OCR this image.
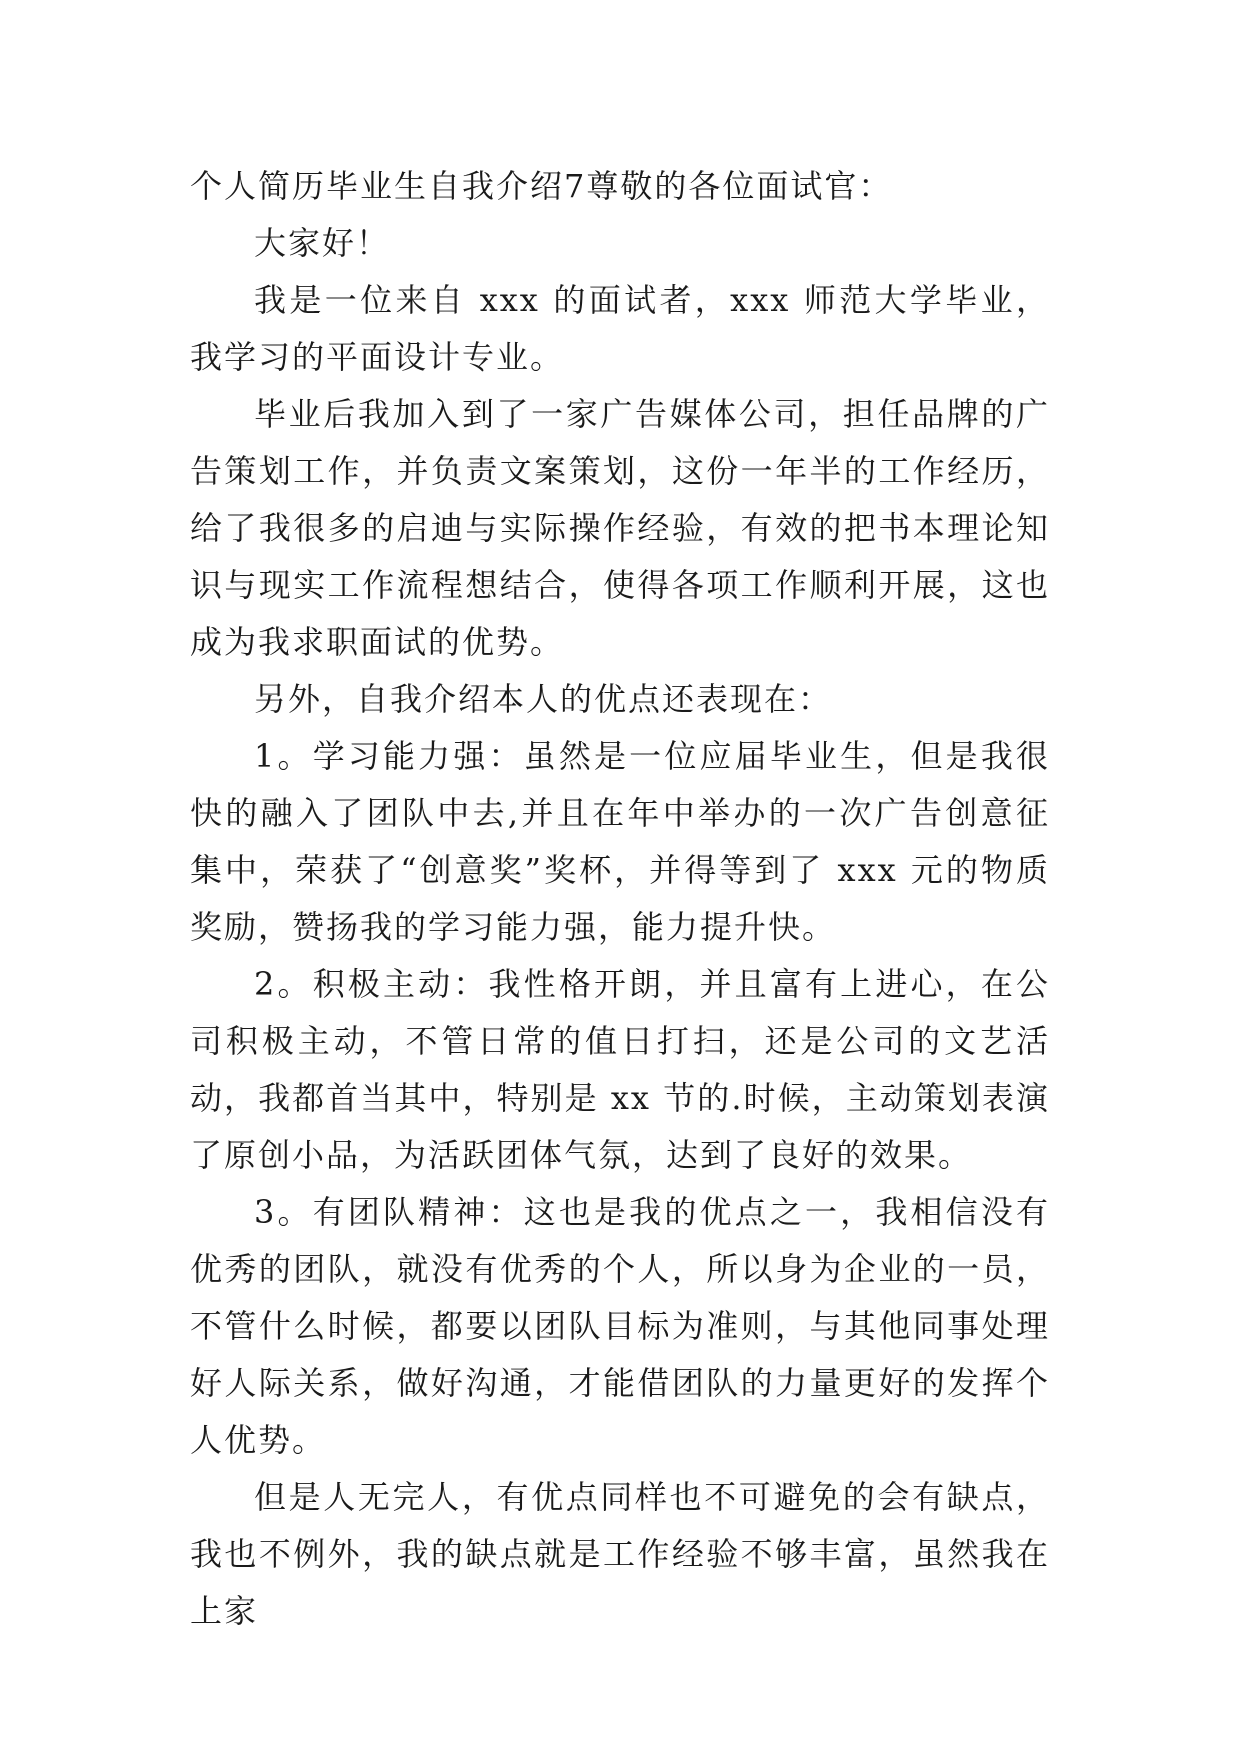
个人简历毕业生自我介绍7尊敬的各位面试官：

大家好！

我是一位来自 xxx 的面试者，xxx 师范大学毕业，我学习的平面设计专业。

毕业后我加入到了一家广告媒体公司，担任品牌的广告策划工作，并负责文案策划，这份一年半的工作经历，给了我很多的启迪与实际操作经验，有效的把书本理论知识与现实工作流程想结合，使得各项工作顺利开展，这也成为我求职面试的优势。

另外，自我介绍本人的优点还表现在：

1。学习能力强：虽然是一位应届毕业生，但是我很快的融入了团队中去,并且在年中举办的一次广告创意征集中，荣获了“创意奖”奖杯，并得等到了 xxx 元的物质奖励，赞扬我的学习能力强，能力提升快。

2。积极主动：我性格开朗，并且富有上进心，在公司积极主动，不管日常的值日打扫，还是公司的文艺活动，我都首当其中，特别是 xx 节的.时候，主动策划表演了原创小品，为活跃团体气氛，达到了良好的效果。

3。有团队精神：这也是我的优点之一，我相信没有优秀的团队，就没有优秀的个人，所以身为企业的一员，不管什么时候，都要以团队目标为准则，与其他同事处理好人际关系，做好沟通，才能借团队的力量更好的发挥个人优势。

但是人无完人，有优点同样也不可避免的会有缺点，我也不例外，我的缺点就是工作经验不够丰富，虽然我在上家
